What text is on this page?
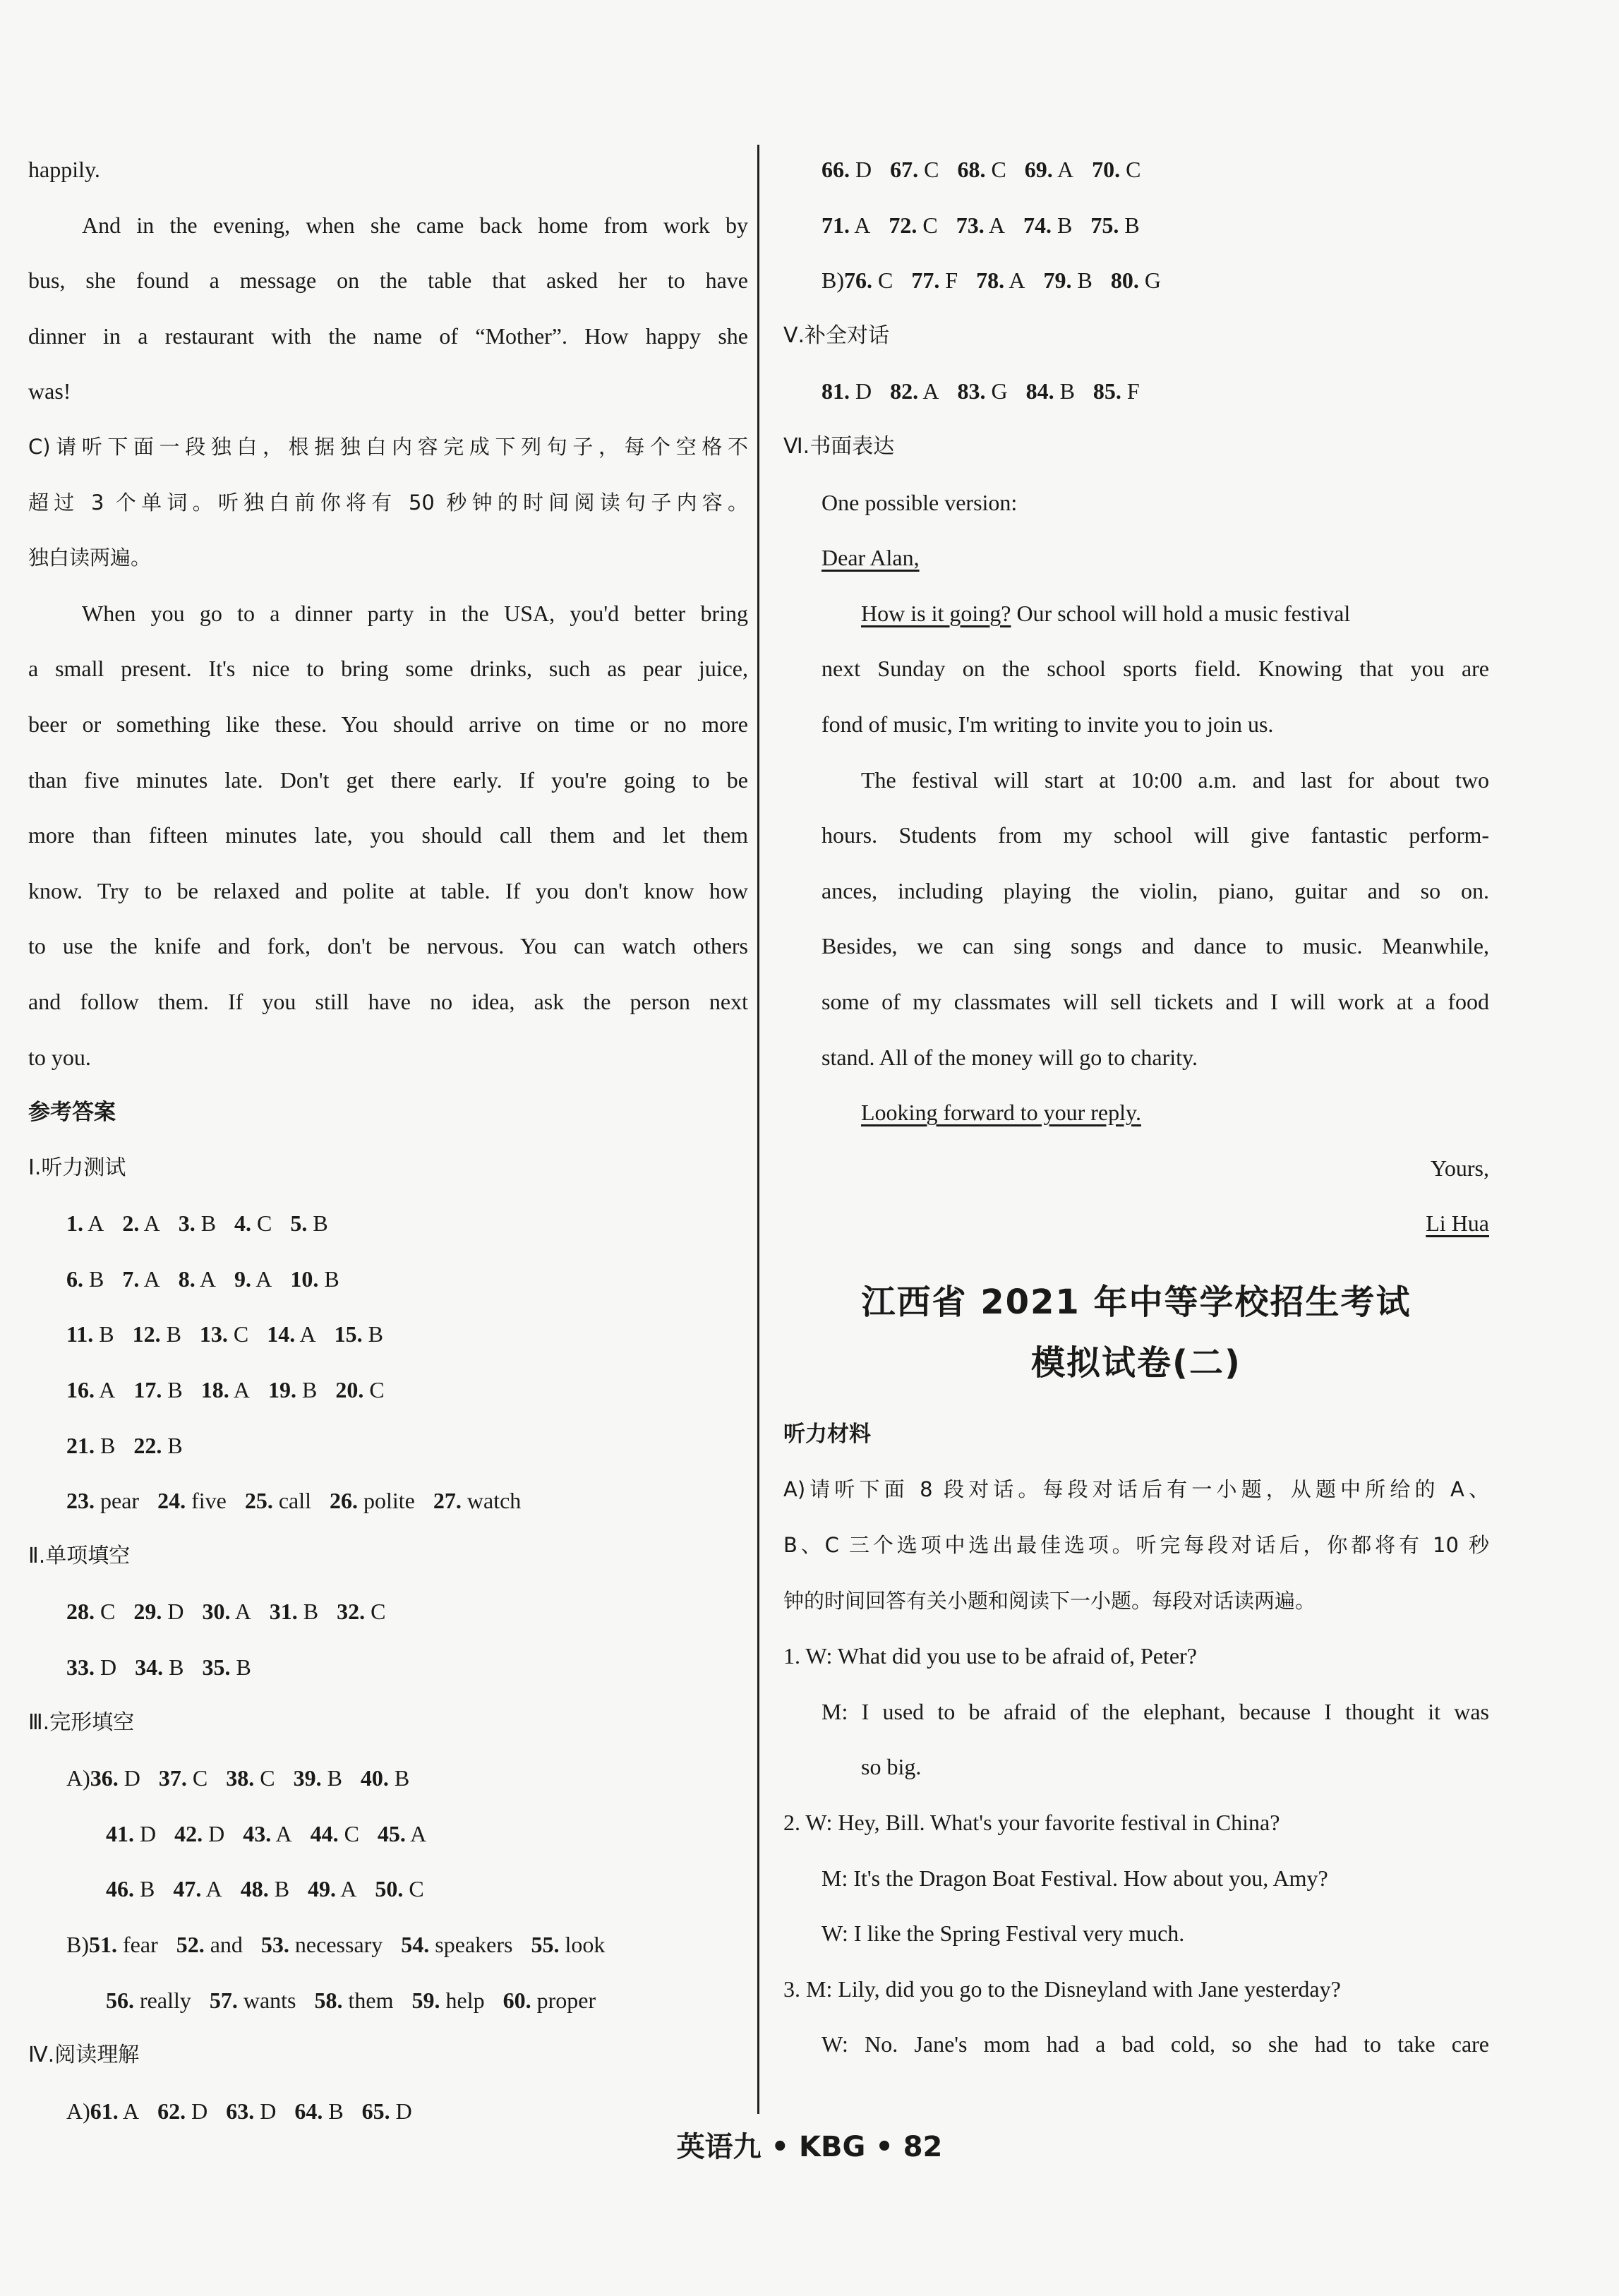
happily.
And in the evening, when she came back home from work by
bus, she found a message on the table that asked her to have
dinner in a restaurant with the name of “Mother”. How happy she
was!
C)请听下面一段独白，根据独白内容完成下列句子，每个空格不
超过 3 个单词。听独白前你将有 50 秒钟的时间阅读句子内容。
独白读两遍。
When you go to a dinner party in the USA, you'd better bring
a small present. It's nice to bring some drinks, such as pear juice,
beer or something like these. You should arrive on time or no more
than five minutes late. Don't get there early. If you're going to be
more than fifteen minutes late, you should call them and let them
know. Try to be relaxed and polite at table. If you don't know how
to use the knife and fork, don't be nervous. You can watch others
and follow them. If you still have no idea, ask the person next
to you.
参考答案
Ⅰ.听力测试
1. A 2. A 3. B 4. C 5. B
6. B 7. A 8. A 9. A 10. B
11. B 12. B 13. C 14. A 15. B
16. A 17. B 18. A 19. B 20. C
21. B 22. B
23. pear 24. five 25. call 26. polite 27. watch
Ⅱ.单项填空
28. C 29. D 30. A 31. B 32. C
33. D 34. B 35. B
Ⅲ.完形填空
A)36. D 37. C 38. C 39. B 40. B
41. D 42. D 43. A 44. C 45. A
46. B 47. A 48. B 49. A 50. C
B)51. fear 52. and 53. necessary 54. speakers 55. look
56. really 57. wants 58. them 59. help 60. proper
Ⅳ.阅读理解
A)61. A 62. D 63. D 64. B 65. D
66. D 67. C 68. C 69. A 70. C
71. A 72. C 73. A 74. B 75. B
B)76. C 77. F 78. A 79. B 80. G
Ⅴ.补全对话
81. D 82. A 83. G 84. B 85. F
Ⅵ.书面表达
One possible version:
Dear Alan,
How is it going? Our school will hold a music festival
next Sunday on the school sports field. Knowing that you are
fond of music, I'm writing to invite you to join us.
The festival will start at 10:00 a.m. and last for about two
hours. Students from my school will give fantastic perform-
ances, including playing the violin, piano, guitar and so on.
Besides, we can sing songs and dance to music. Meanwhile,
some of my classmates will sell tickets and I will work at a food
stand. All of the money will go to charity.
Looking forward to your reply.
Yours,
Li Hua
江西省 2021 年中等学校招生考试
模拟试卷(二)
听力材料
A)请听下面 8 段对话。每段对话后有一小题，从题中所给的 A、
B、C 三个选项中选出最佳选项。听完每段对话后，你都将有 10 秒
钟的时间回答有关小题和阅读下一小题。每段对话读两遍。
1. W: What did you use to be afraid of, Peter?
M: I used to be afraid of the elephant, because I thought it was
so big.
2. W: Hey, Bill. What's your favorite festival in China?
M: It's the Dragon Boat Festival. How about you, Amy?
W: I like the Spring Festival very much.
3. M: Lily, did you go to the Disneyland with Jane yesterday?
W: No. Jane's mom had a bad cold, so she had to take care
英语九 • KBG • 82
